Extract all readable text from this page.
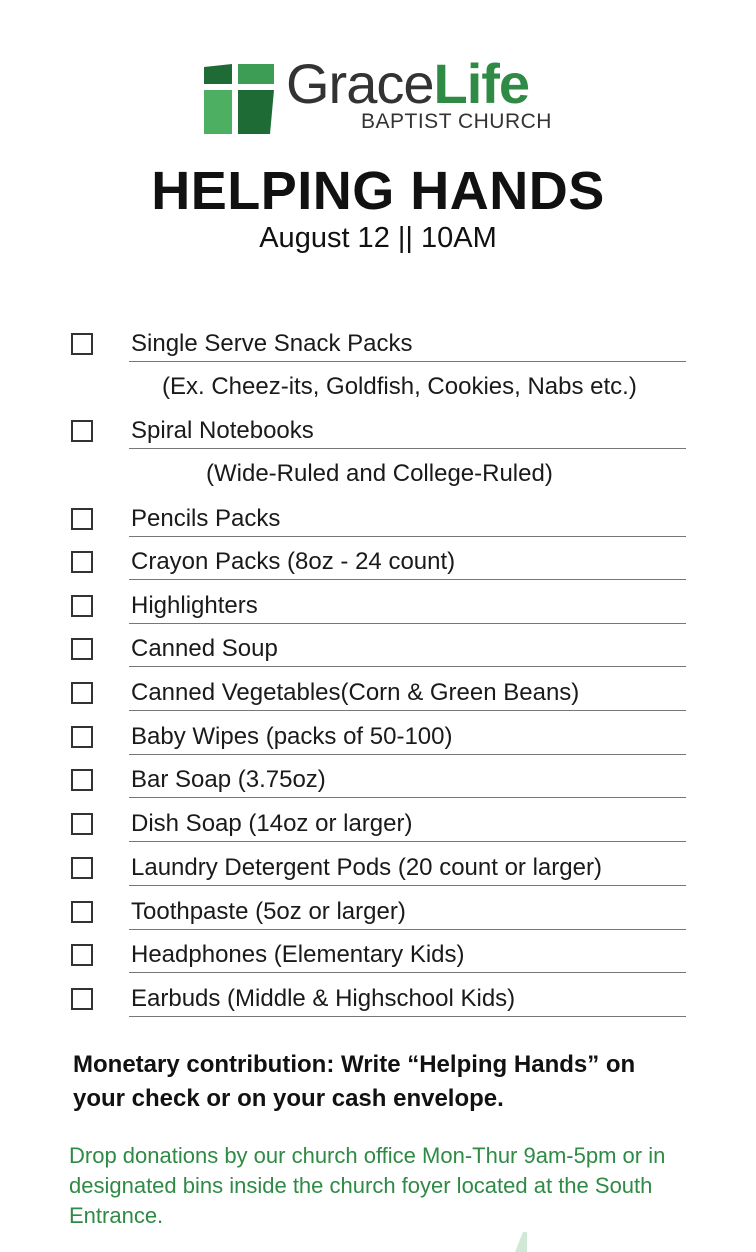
GraceLife
BAPTIST CHURCH
HELPING HANDS
August 12 || 10AM
Single Serve Snack Packs
(Ex. Cheez-its, Goldfish, Cookies, Nabs etc.)
Spiral Notebooks
(Wide-Ruled and College-Ruled)
Pencils Packs
Crayon Packs (8oz - 24 count)
Highlighters
Canned Soup
Canned Vegetables(Corn & Green Beans)
Baby Wipes (packs of 50-100)
Bar Soap (3.75oz)
Dish Soap (14oz or larger)
Laundry Detergent Pods (20 count or larger)
Toothpaste (5oz or larger)
Headphones (Elementary Kids)
Earbuds (Middle & Highschool Kids)
Monetary contribution: Write “Helping Hands” on your check or on your cash envelope.
Drop donations by our church office Mon-Thur 9am-5pm or in designated bins inside the church foyer located at the South Entrance.
